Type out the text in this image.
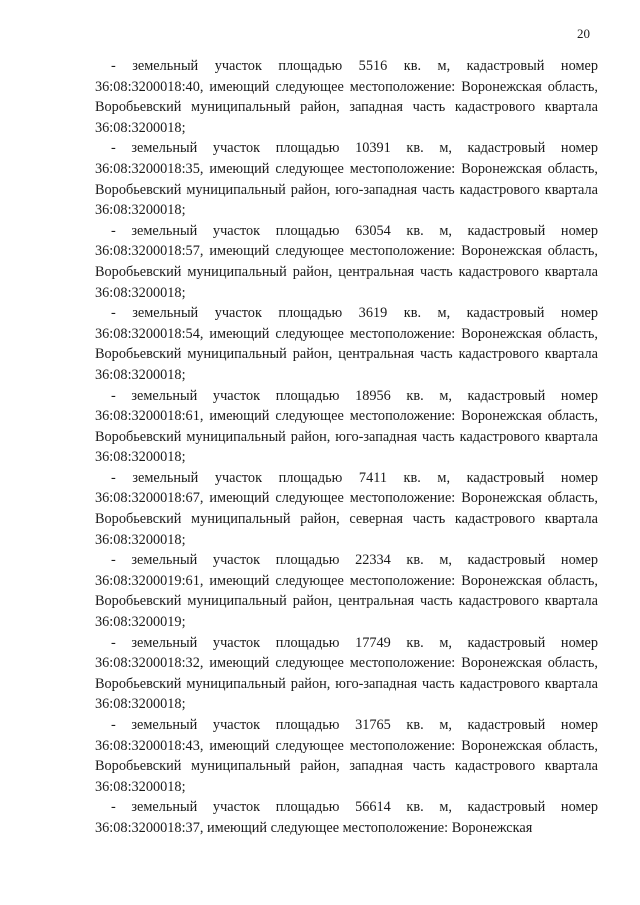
20

- земельный участок площадью 5516 кв. м, кадастровый номер 36:08:3200018:40, имеющий следующее местоположение: Воронежская область, Воробьевский муниципальный район, западная часть кадастрового квартала 36:08:3200018;

- земельный участок площадью 10391 кв. м, кадастровый номер 36:08:3200018:35, имеющий следующее местоположение: Воронежская область, Воробьевский муниципальный район, юго-западная часть кадастрового квартала 36:08:3200018;

- земельный участок площадью 63054 кв. м, кадастровый номер 36:08:3200018:57, имеющий следующее местоположение: Воронежская область, Воробьевский муниципальный район, центральная часть кадастрового квартала 36:08:3200018;

- земельный участок площадью 3619 кв. м, кадастровый номер 36:08:3200018:54, имеющий следующее местоположение: Воронежская область, Воробьевский муниципальный район, центральная часть кадастрового квартала 36:08:3200018;

- земельный участок площадью 18956 кв. м, кадастровый номер 36:08:3200018:61, имеющий следующее местоположение: Воронежская область, Воробьевский муниципальный район, юго-западная часть кадастрового квартала 36:08:3200018;

- земельный участок площадью 7411 кв. м, кадастровый номер 36:08:3200018:67, имеющий следующее местоположение: Воронежская область, Воробьевский муниципальный район, северная часть кадастрового квартала 36:08:3200018;

- земельный участок площадью 22334 кв. м, кадастровый номер 36:08:3200019:61, имеющий следующее местоположение: Воронежская область, Воробьевский муниципальный район, центральная часть кадастрового квартала 36:08:3200019;

- земельный участок площадью 17749 кв. м, кадастровый номер 36:08:3200018:32, имеющий следующее местоположение: Воронежская область, Воробьевский муниципальный район, юго-западная часть кадастрового квартала 36:08:3200018;

- земельный участок площадью 31765 кв. м, кадастровый номер 36:08:3200018:43, имеющий следующее местоположение: Воронежская область, Воробьевский муниципальный район, западная часть кадастрового квартала 36:08:3200018;

- земельный участок площадью 56614 кв. м, кадастровый номер 36:08:3200018:37, имеющий следующее местоположение: Воронежская
